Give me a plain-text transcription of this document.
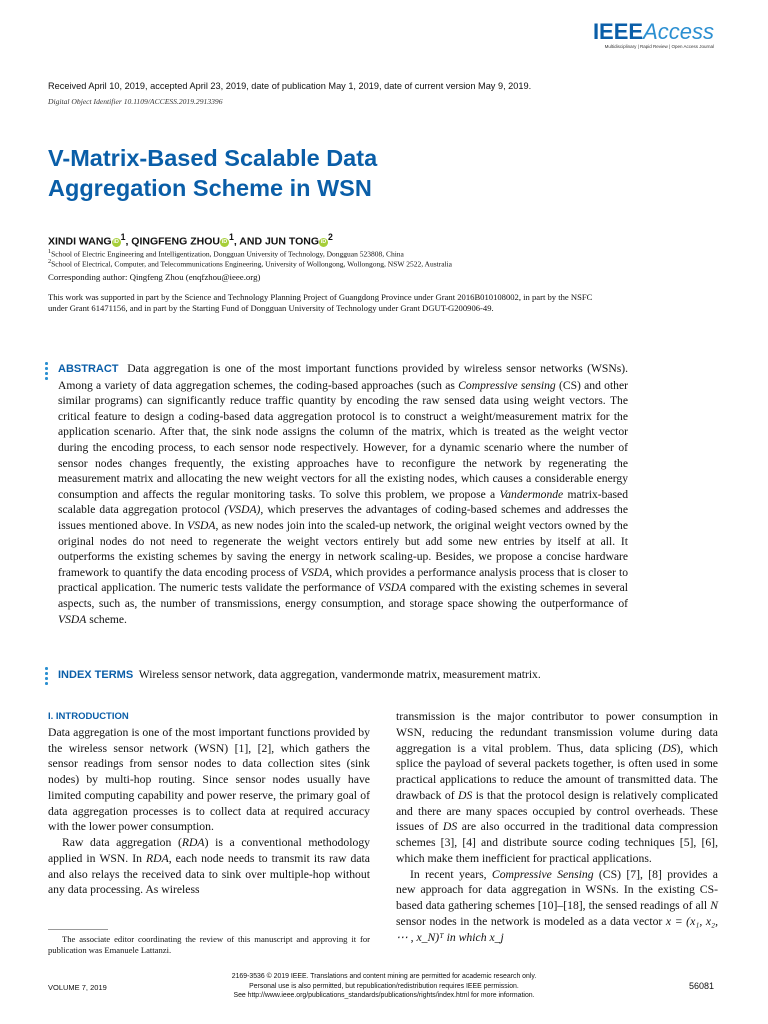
IEEEAccess
Multidisciplinary | Rapid Review | Open Access Journal
Received April 10, 2019, accepted April 23, 2019, date of publication May 1, 2019, date of current version May 9, 2019.
Digital Object Identifier 10.1109/ACCESS.2019.2913396
V-Matrix-Based Scalable Data
Aggregation Scheme in WSN
XINDI WANG iD $^1$, QINGFENG ZHOU iD $^1$, AND JUN TONG iD $^2$
$^1$School of Electric Engineering and Intelligentization, Dongguan University of Technology, Dongguan 523808, China
$^2$School of Electrical, Computer, and Telecommunications Engineering, University of Wollongong, Wollongong, NSW 2522, Australia
Corresponding author: Qingfeng Zhou (enqfzhou@ieee.org)
This work was supported in part by the Science and Technology Planning Project of Guangdong Province under Grant 2016B010108002, in part by the NSFC under Grant 61471156, and in part by the Starting Fund of Dongguan University of Technology under Grant DGUT-G200906-49.
ABSTRACT Data aggregation is one of the most important functions provided by wireless sensor networks (WSNs). Among a variety of data aggregation schemes, the coding-based approaches (such as Compressive sensing (CS) and other similar programs) can significantly reduce traffic quantity by encoding the raw sensed data using weight vectors. The critical feature to design a coding-based data aggregation protocol is to construct a weight/measurement matrix for the application scenario. After that, the sink node assigns the column of the matrix, which is treated as the weight vector during the encoding process, to each sensor node respectively. However, for a dynamic scenario where the number of sensor nodes changes frequently, the existing approaches have to reconfigure the network by regenerating the measurement matrix and allocating the new weight vectors for all the existing nodes, which causes a considerable energy consumption and affects the regular monitoring tasks. To solve this problem, we propose a Vandermonde matrix-based scalable data aggregation protocol (VSDA), which preserves the advantages of coding-based schemes and addresses the issues mentioned above. In VSDA, as new nodes join into the scaled-up network, the original weight vectors owned by the original nodes do not need to regenerate the weight vectors entirely but add some new entries by itself at all. It outperforms the existing schemes by saving the energy in network scaling-up. Besides, we propose a concise hardware framework to quantify the data encoding process of VSDA, which provides a performance analysis process that is closer to practical application. The numeric tests validate the performance of VSDA compared with the existing schemes in several aspects, such as, the number of transmissions, energy consumption, and storage space showing the outperformance of VSDA scheme.
INDEX TERMS Wireless sensor network, data aggregation, vandermonde matrix, measurement matrix.
I. INTRODUCTION

Data aggregation is one of the most important functions provided by the wireless sensor network (WSN) [1], [2], which gathers the sensor readings from sensor nodes to data collection sites (sink nodes) by multi-hop routing. Since sensor nodes usually have limited computing capability and power reserve, the primary goal of data aggregation processes is to collect data at required accuracy with the lower power consumption.

Raw data aggregation (RDA) is a conventional methodology applied in WSN. In RDA, each node needs to transmit its raw data and also relays the received data to sink over multiple-hop without any data processing. As wireless

The associate editor coordinating the review of this manuscript and approving it for publication was Emanuele Lattanzi.

transmission is the major contributor to power consumption in WSN, reducing the redundant transmission volume during data aggregation is a vital problem. Thus, data splicing (DS), which splice the payload of several packets together, is often used in some practical applications to reduce the amount of transmitted data. The drawback of DS is that the protocol design is relatively complicated and there are many spaces occupied by control overheads. These issues of DS are also occurred in the traditional data compression schemes [3], [4] and distribute source coding techniques [5], [6], which make them inefficient for practical applications.

In recent years, Compressive Sensing (CS) [7], [8] provides a new approach for data aggregation in WSNs. In the existing CS-based data gathering schemes [10]–[18], the sensed readings of all N sensor nodes in the network is modeled as a data vector x = (x₁, x₂, ⋯ , x_N)ᵀ in which x_j

VOLUME 7, 2019
2169-3536 © 2019 IEEE. Translations and content mining are permitted for academic research only.
Personal use is also permitted, but republication/redistribution requires IEEE permission.
See http://www.ieee.org/publications_standards/publications/rights/index.html for more information.
56081
